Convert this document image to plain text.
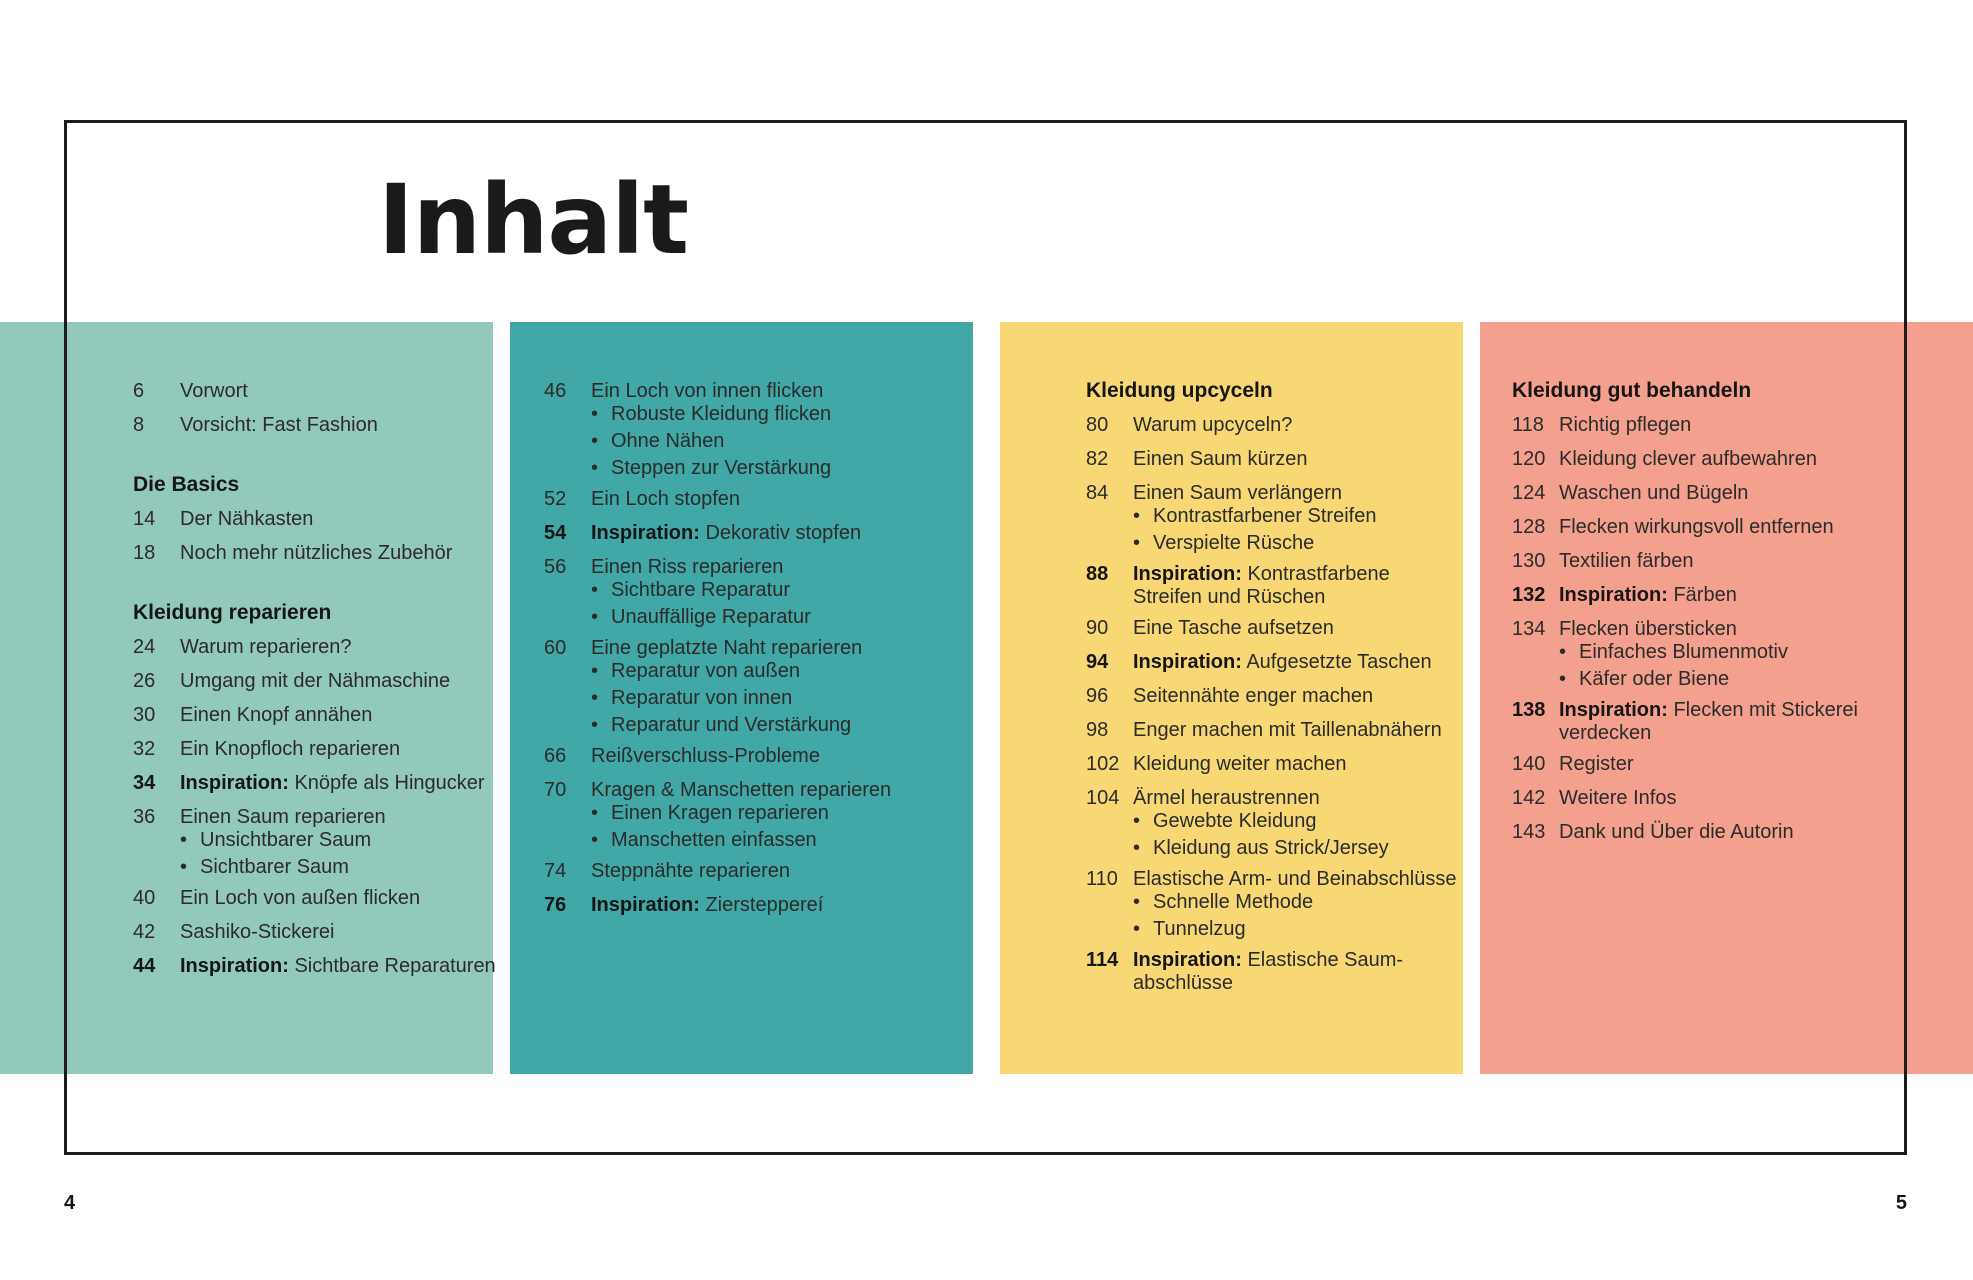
Inhalt
6	Vorwort
8	Vorsicht: Fast Fashion
Die Basics
14	Der Nähkasten
18	Noch mehr nützliches Zubehör
Kleidung reparieren
24	Warum reparieren?
26	Umgang mit der Nähmaschine
30	Einen Knopf annähen
32	Ein Knopfloch reparieren
34	Inspiration: Knöpfe als Hingucker
36	Einen Saum reparieren
• Unsichtbarer Saum
• Sichtbarer Saum
40	Ein Loch von außen flicken
42	Sashiko-Stickerei
44	Inspiration: Sichtbare Reparaturen
46	Ein Loch von innen flicken
• Robuste Kleidung flicken
• Ohne Nähen
• Steppen zur Verstärkung
52	Ein Loch stopfen
54	Inspiration: Dekorativ stopfen
56	Einen Riss reparieren
• Sichtbare Reparatur
• Unauffällige Reparatur
60	Eine geplatzte Naht reparieren
• Reparatur von außen
• Reparatur von innen
• Reparatur und Verstärkung
66	Reißverschluss-Probleme
70	Kragen & Manschetten reparieren
• Einen Kragen reparieren
• Manschetten einfassen
74	Steppnähte reparieren
76	Inspiration: Ziersteppereí
Kleidung upcyceln
80	Warum upcyceln?
82	Einen Saum kürzen
84	Einen Saum verlängern
• Kontrastfarbener Streifen
• Verspielte Rüsche
88	Inspiration: Kontrastfarbene
Streifen und Rüschen
90	Eine Tasche aufsetzen
94	Inspiration: Aufgesetzte Taschen
96	Seitennähte enger machen
98	Enger machen mit Taillenabnähern
102 Kleidung weiter machen
104 Ärmel heraustrennen
• Gewebte Kleidung
• Kleidung aus Strick/Jersey
110 Elastische Arm- und Beinabschlüsse
• Schnelle Methode
• Tunnelzug
114 Inspiration: Elastische Saum-
abschlüsse
Kleidung gut behandeln
118 Richtig pflegen
120 Kleidung clever aufbewahren
124 Waschen und Bügeln
128 Flecken wirkungsvoll entfernen
130 Textilien färben
132 Inspiration: Färben
134 Flecken übersticken
• Einfaches Blumenmotiv
• Käfer oder Biene
138 Inspiration: Flecken mit Stickerei
verdecken
140 Register
142 Weitere Infos
143 Dank und Über die Autorin
4	5
